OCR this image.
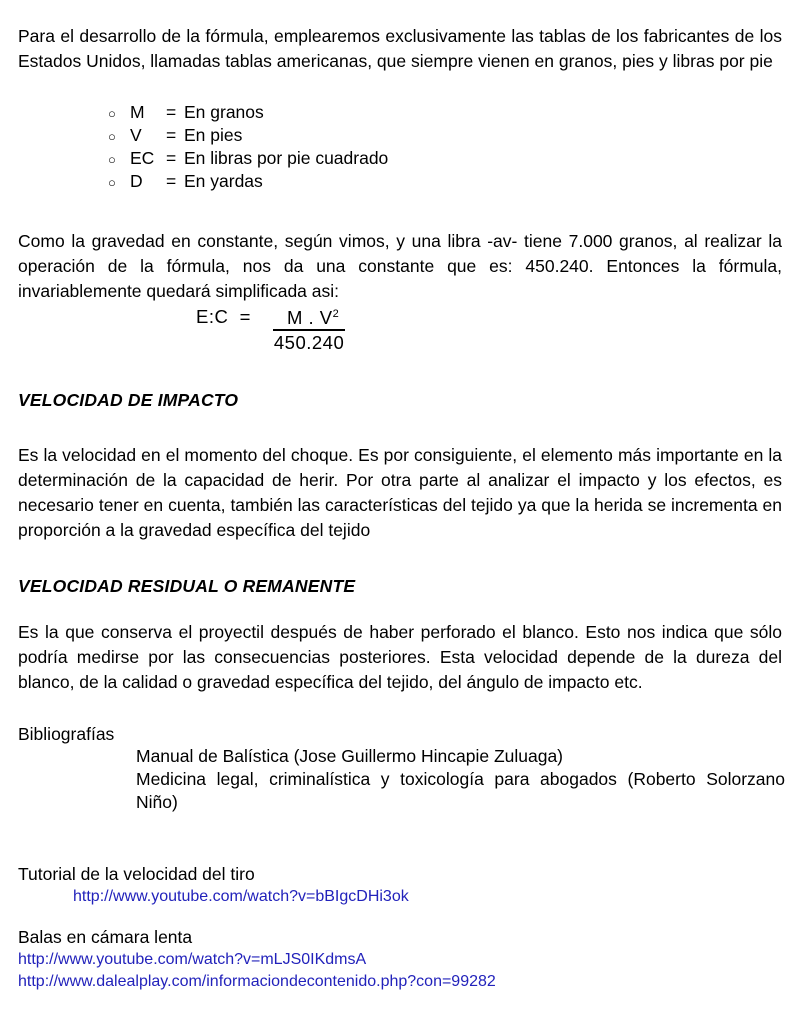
Para el desarrollo de la fórmula, emplearemos exclusivamente las tablas de los fabricantes de los Estados Unidos, llamadas tablas americanas, que siempre vienen en granos, pies y libras por pie

○ M	= En granos
○ V	= En pies
○ EC = En libras por pie cuadrado
○ D	= En yardas

Como la gravedad en constante, según vimos, y una libra -av- tiene 7.000 granos, al realizar la operación de la fórmula, nos da una constante que es: 450.240. Entonces la fórmula, invariablemente quedará simplificada asi:

E:C  = $\frac{M . V^2}{450.240}$
VELOCIDAD DE IMPACTO

Es la velocidad en el momento del choque. Es por consiguiente, el elemento más importante en la determinación de la capacidad de herir. Por otra parte al analizar el impacto y los efectos, es necesario tener en cuenta, también las características del tejido ya que la herida se incrementa en proporción a la gravedad específica del tejido

VELOCIDAD RESIDUAL O REMANENTE

Es la que conserva el proyectil después de haber perforado el blanco. Esto nos indica que sólo podría medirse por las consecuencias posteriores. Esta velocidad depende de la dureza del blanco, de la calidad o gravedad específica del tejido, del ángulo de impacto etc.

Bibliografías
Manual de Balística (Jose Guillermo Hincapie Zuluaga)
Medicina legal, criminalística y toxicología para abogados (Roberto Solorzano Niño)
Tutorial de la velocidad del tiro
http://www.youtube.com/watch?v=bBIgcDHi3ok
Balas en cámara lenta
http://www.youtube.com/watch?v=mLJS0IKdmsA
http://www.dalealplay.com/informaciondecontenido.php?con=99282
